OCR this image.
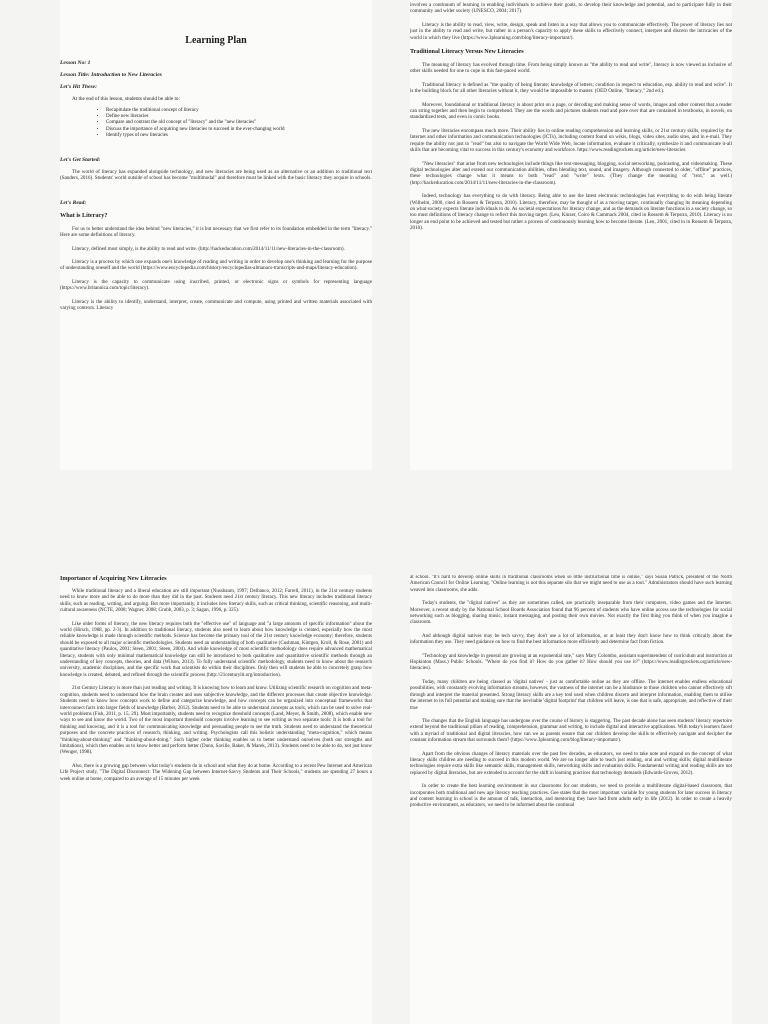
Learning Plan
Lesson No: 1
Lesson Title: Introduction to New Literacies
Let's Hit These:
At the end of this lesson, students should be able to:
• Recapitulate the traditional concept of literacy
• Define new literacies
• Compare and contrast the old concept of "literacy" and the "new literacies"
• Discuss the importance of acquiring new literacies to succeed in the ever-changing world
• Identify types of new literacies
Let's Get Started:
The world of literacy has expanded alongside technology, and new literacies are being used as an alternative or an addition to traditional text (Sanders, 2016). Students' world outside of school has become "multimodal" and therefore must be linked with the basic literacy they acquire in schools.
Let's Read:
What is Literacy?
For us to better understand the idea behind "new literacies," it is but necessary that we first refer to its foundation embedded in the term "literacy." Here are some definitions of literacy.
Literacy, defined most simply, is the ability to read and write. (http://hackeducation.com/2014/11/11/new-literacies-in-the-classroom).
Literacy is a process by which one expands one's knowledge of reading and writing in order to develop one's thinking and learning for the purpose of understanding oneself and the world (https://www.encyclopedia.com/history/encyclopedias-almanacs-transcripts-and-maps/literacy-education).
Literacy is the capacity to communicate using inscribed, printed, or electronic signs or symbols for representing language (https://www.britannica.com/topic/literacy).
Literacy is the ability to identify, understand, interpret, create, communicate and compute, using printed and written materials associated with varying contexts. Literacy
involves a continuum of learning in enabling individuals to achieve their goals, to develop their knowledge and potential, and to participate fully in their community and wider society (UNESCO, 2004; 2017).
Literacy is the ability to read, view, write, design, speak and listen in a way that allows you to communicate effectively. The power of literacy lies not just in the ability to read and write, but rather in a person's capacity to apply these skills to effectively connect, interpret and discern the intricacies of the world in which they live (https://www.3plearning.com/blog/literacy-important/).
Traditional Literacy Versus New Literacies
The meaning of literacy has evolved through time. From being simply known as "the ability to read and write", literacy is now viewed as inclusive of other skills needed for one to cope in this fast-paced world.
Traditional literacy is defined as "the quality of being literate; knowledge of letters; condition in respect to education, esp. ability to read and write". It is the building block for all other literacies without it, they would be impossible to master. (OED Online, "literacy," 2nd ed.).
Moreover, foundational or traditional literacy is about print on a page, or decoding and making sense of words, images and other content that a reader can string together and then begin to comprehend. They are the words and pictures students read and pore over that are contained in textbooks, in novels, on standardized tests, and even in comic books.
The new literacies encompass much more. Their ability lies in online reading comprehension and learning skills, or 21st century skills, required by the Internet and other information and communication technologies (ICTs), including content found on wikis, blogs, video sites, audio sites, and in e-mail. They require the ability not just to "read" but also to navigate the World Wide Web, locate information, evaluate it critically, synthesize it and communicate it-all skills that are becoming vital to success in this century's economy and workforce. https://www.readingrockets.org/article/new-literacies
"New literacies" that arise from new technologies include things like text-messaging, blogging, social networking, podcasting, and videomaking. These digital technologies alter and extend our communication abilities, often blending text, sound, and imagery. Although connected to older, "offline" practices, these technologies change what it means to both "read" and "write" texts. (They change the meaning of "text," as well.) (http://hackeducation.com/2014/11/11/new-literacies-in-the-classroom).
Indeed, technology has everything to do with literacy. Being able to use the latest electronic technologies has everything to do with being literate (Wilhelm, 2000, cited in Rossem & Terpstra, 2010). Literacy, therefore, may be thought of as a moving target, continually changing its meaning depending on what society expects literate individuals to do. As societal expectations for literacy change, and as the demands on literate functions in a society change, so too must definitions of literacy change to reflect this moving target. (Leu, Kinzer, Coiro & Cammack 2004, cited in Rossem & Terpstra, 2010). Literacy is no longer an end point to be achieved and tested but rather a process of continuously learning how to become literate. (Leu, 2001, cited in in Rossem & Terpstra, 2010).
Importance of Acquiring New Literacies
While traditional literacy and a liberal education are still important (Nussbaum, 1997; Delbanco, 2012; Farrell, 2011), in the 21st century students need to know more and be able to do more than they did in the past. Students need 21st century literacy. This new literacy includes traditional literacy skills, such as reading, writing, and arguing. But more importantly, it includes new literacy skills, such as critical thinking, scientific reasoning, and multi-cultural awareness (NCTE, 2008; Wagner, 2008; Grubb, 2003, p. 3; Sagan, 1996, p. 325).
Like older forms of literacy, the new literacy requires both the "effective use" of language and "a large amounts of specific information" about the world (Hirsch, 1988, pp. 2-3). In addition to traditional literacy, students also need to learn about how knowledge is created, especially how the most reliable knowledge is made through scientific methods. Science has become the primary tool of the 21st century knowledge economy; therefore, students should be exposed to all major scientific methodologies. Students need an understanding of both qualitative (Cushman, Kintgen, Kroll, & Rose, 2001) and quantitative literacy (Paulos, 2001; Steen, 2001; Steen, 2004). And while knowledge of most scientific methodology does require advanced mathematical literacy, students with only minimal mathematical knowledge can still be introduced to both qualitative and quantitative scientific methods through an understanding of key concepts, theories, and data (Wilson, 2013). To fully understand scientific methodology, students need to know about the research university, academic disciplines, and the specific work that scientists do within their disciplines. Only then will students be able to concretely grasp how knowledge is created, debated, and refined through the scientific process (http://21centurylit.org/introduction).
21st Century Literacy is more than just reading and writing. It is knowing how to learn and know. Utilizing scientific research on cognition and meta-cognition, students need to understand how the brain creates and uses subjective knowledge, and the different processes that create objective knowledge. Students need to know how concepts work to define and categorize knowledge, and how concepts can be organized into conceptual frameworks that interconnect facts into larger fields of knowledge (Barber, 2012). Students need to be able to understand concepts as tools, which can be used to solve real-world problems (Fish, 2011, p. 15, 29). Most importantly, students need to recognize threshold concepts (Land, Meyer, & Smith, 2008), which enable new ways to see and know the world. Two of the most important threshold concepts involve learning to see writing as two separate tools: It is both a tool for thinking and knowing, and it is a tool for communicating knowledge and persuading people to see the truth. Students need to understand the theoretical purposes and the concrete practices of research, thinking, and writing. Psychologists call this holistic understanding "meta-cognition," which means "thinking-about-thinking" and "thinking-about-doing." Such higher order thinking enables us to better understand ourselves (both our strengths and limitations), which then enables us to know better and perform better (Dunn, Saville, Baker, & Marek, 2013). Students need to be able to do, not just know (Wenger, 1998).
Also, there is a growing gap between what today's students do in school and what they do at home. According to a recent Pew Internet and American Life Project study, "The Digital Disconnect: The Widening Gap between Internet-Savvy Students and Their Schools," students are spending 27 hours a week online at home, compared to an average of 15 minutes per week
at school. "It's hard to develop online skills in traditional classrooms when so little instructional time is online," says Susan Patrick, president of the North American Council for Online Learning. "Online learning is not this separate silo that we might need to use as a tool." Administrators should have such learning weaved into classrooms, she adds.
Today's students, the "digital natives" as they are sometimes called, are practically inseparable from their computers, video games and the Internet. Moreover, a recent study by the National School Boards Association found that 96 percent of students who have online access use the technologies for social networking such as blogging, sharing music, instant messaging, and posting their own movies. Not exactly the first thing you think of when you imagine a classroom.
And although digital natives may be tech savvy, they don't use a lot of information, or at least they don't know how to think critically about the information they use. They need guidance on how to find the best information more efficiently and determine fact from fiction.
"Technology and knowledge in general are growing at an exponential rate," says Mary Colombo, assistant superintendent of curriculum and instruction at Hopkinton (Mass.) Public Schools. "Where do you find it? How do you gather it? How should you use it?" (https://www.readingrockets.org/article/new-literacies).
Today, many children are being classed as 'digital natives' - just as comfortable online as they are offline. The internet enables endless educational possibilities, with constantly evolving information streams, however, the vastness of the internet can be a hindrance to those children who cannot effectively sift through and interpret the material presented. Strong literacy skills are a key tool used when children discern and interpret information, enabling them to utilise the internet to its full potential and making sure that the inevitable 'digital footprint' that children will leave, is one that is safe, appropriate, and reflective of their true
The changes that the English language has undergone over the course of history is staggering. The past decade alone has seen students' literacy repertoire extend beyond the traditional pillars of reading, comprehension, grammar and writing, to include digital and interactive applications. With today's learners faced with a myriad of traditional and digital literacies, how can we as parents ensure that our children develop the skills to effectively navigate and decipher the constant information stream that surrounds them? (https://www.3plearning.com/blog/literacy-important/).
Apart from the obvious changes of literacy materials over the past few decades, as educators, we need to take note and expand on the concept of what literacy skills children are needing to succeed in this modern world. We are no longer able to teach just reading, oral and writing skills; digital multiliterate technologies require extra skills like semantic skills, management skills, networking skills and evaluation skills. Fundamental writing and reading skills are not replaced by digital literacies, but are extended to account for the shift in learning practices that technology demands (Edwards-Groves, 2012).
In order to create the best learning environment in our classrooms for our students, we need to provide a multiliterate digital-based classroom, that incorporates both traditional and new age literacy teaching practices. Gee states that the most important variable for young students for later success in literacy and content learning in school is the amount of talk, interaction, and mentoring they have had from adults early in life (2012). In order to create a heavily productive environment, as educators, we need to be informed about the continual
